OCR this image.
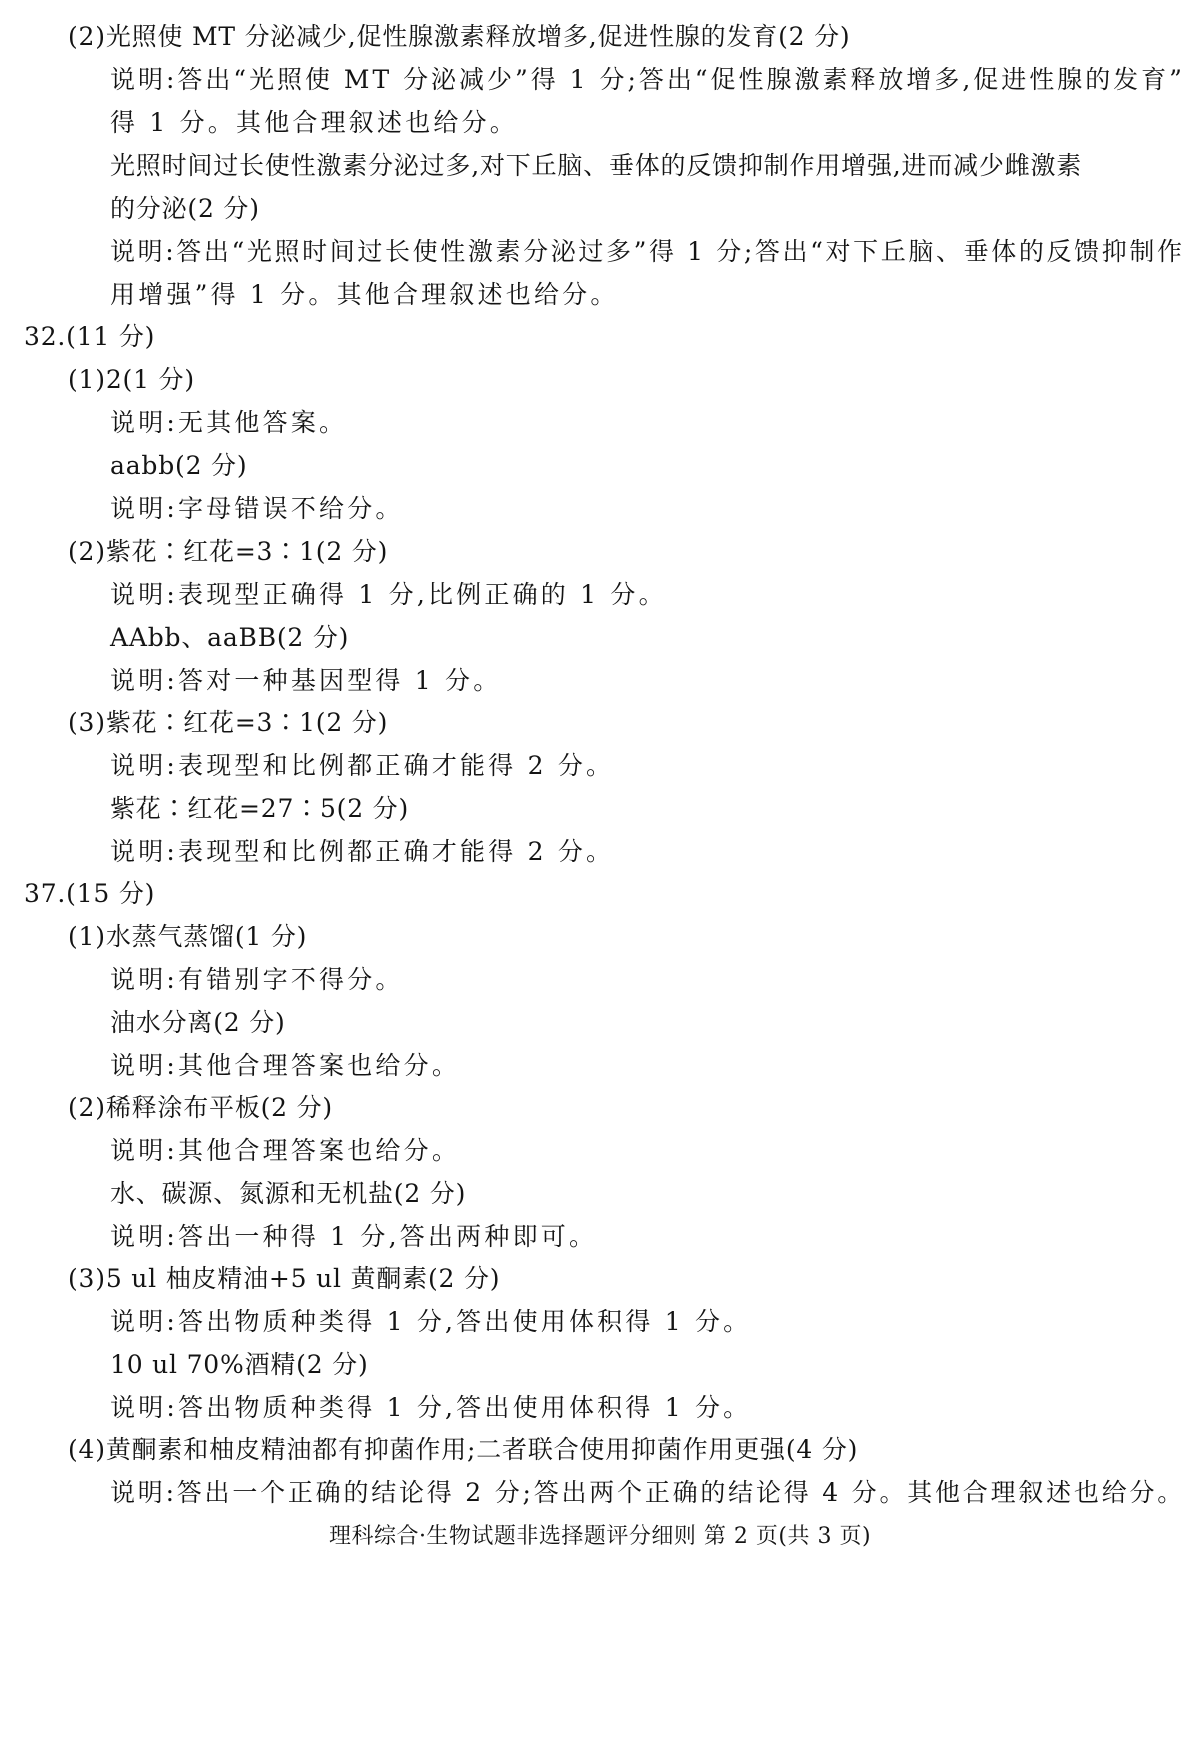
(2)光照使 MT 分泌减少,促性腺激素释放增多,促进性腺的发育(2 分)
说明:答出“光照使 MT 分泌减少”得 1 分;答出“促性腺激素释放增多,促进性腺的发育”
得 1 分。其他合理叙述也给分。
光照时间过长使性激素分泌过多,对下丘脑、垂体的反馈抑制作用增强,进而减少雌激素
的分泌(2 分)
说明:答出“光照时间过长使性激素分泌过多”得 1 分;答出“对下丘脑、垂体的反馈抑制作
用增强”得 1 分。其他合理叙述也给分。
32.(11 分)
(1)2(1 分)
说明:无其他答案。
aabb(2 分)
说明:字母错误不给分。
(2)紫花∶红花=3∶1(2 分)
说明:表现型正确得 1 分,比例正确的 1 分。
AAbb、aaBB(2 分)
说明:答对一种基因型得 1 分。
(3)紫花∶红花=3∶1(2 分)
说明:表现型和比例都正确才能得 2 分。
紫花∶红花=27∶5(2 分)
说明:表现型和比例都正确才能得 2 分。
37.(15 分)
(1)水蒸气蒸馏(1 分)
说明:有错别字不得分。
油水分离(2 分)
说明:其他合理答案也给分。
(2)稀释涂布平板(2 分)
说明:其他合理答案也给分。
水、碳源、氮源和无机盐(2 分)
说明:答出一种得 1 分,答出两种即可。
(3)5 ul 柚皮精油+5 ul 黄酮素(2 分)
说明:答出物质种类得 1 分,答出使用体积得 1 分。
10 ul 70%酒精(2 分)
说明:答出物质种类得 1 分,答出使用体积得 1 分。
(4)黄酮素和柚皮精油都有抑菌作用;二者联合使用抑菌作用更强(4 分)
说明:答出一个正确的结论得 2 分;答出两个正确的结论得 4 分。其他合理叙述也给分。
理科综合·生物试题非选择题评分细则 第 2 页(共 3 页)
